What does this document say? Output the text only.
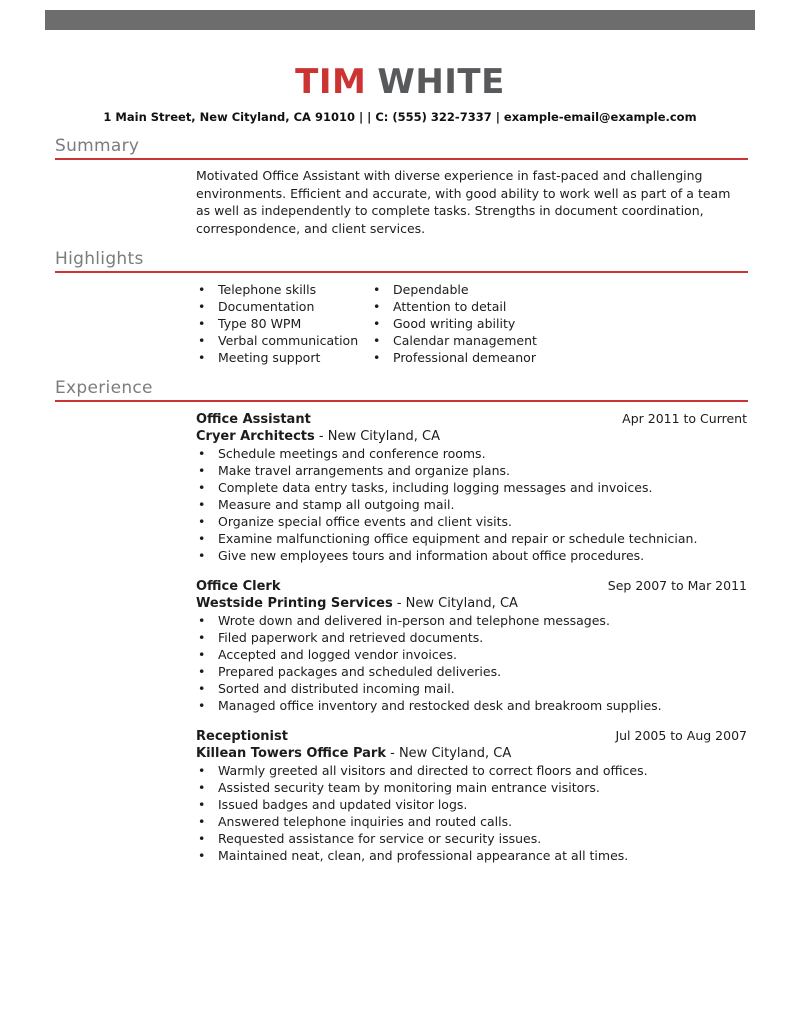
TIM WHITE
1 Main Street, New Cityland, CA 91010 | | C: (555) 322-7337 | example-email@example.com
Summary

Motivated Office Assistant with diverse experience in fast-paced and challenging environments. Efficient and accurate, with good ability to work well as part of a team as well as independently to complete tasks. Strengths in document coordination, correspondence, and client services.

Highlights
• Telephone skills
• Documentation
• Type 80 WPM
• Verbal communication
• Meeting support
• Dependable
• Attention to detail
• Good writing ability
• Calendar management
• Professional demeanor
Experience
Office Assistant	Apr 2011 to Current
Cryer Architects - New Cityland, CA
• Schedule meetings and conference rooms.
• Make travel arrangements and organize plans.
• Complete data entry tasks, including logging messages and invoices.
• Measure and stamp all outgoing mail.
• Organize special office events and client visits.
• Examine malfunctioning office equipment and repair or schedule technician.
• Give new employees tours and information about office procedures.
Office Clerk	Sep 2007 to Mar 2011
Westside Printing Services - New Cityland, CA
• Wrote down and delivered in-person and telephone messages.
• Filed paperwork and retrieved documents.
• Accepted and logged vendor invoices.
• Prepared packages and scheduled deliveries.
• Sorted and distributed incoming mail.
• Managed office inventory and restocked desk and breakroom supplies.
Receptionist	Jul 2005 to Aug 2007
Killean Towers Office Park - New Cityland, CA
• Warmly greeted all visitors and directed to correct floors and offices.
• Assisted security team by monitoring main entrance visitors.
• Issued badges and updated visitor logs.
• Answered telephone inquiries and routed calls.
• Requested assistance for service or security issues.
• Maintained neat, clean, and professional appearance at all times.
